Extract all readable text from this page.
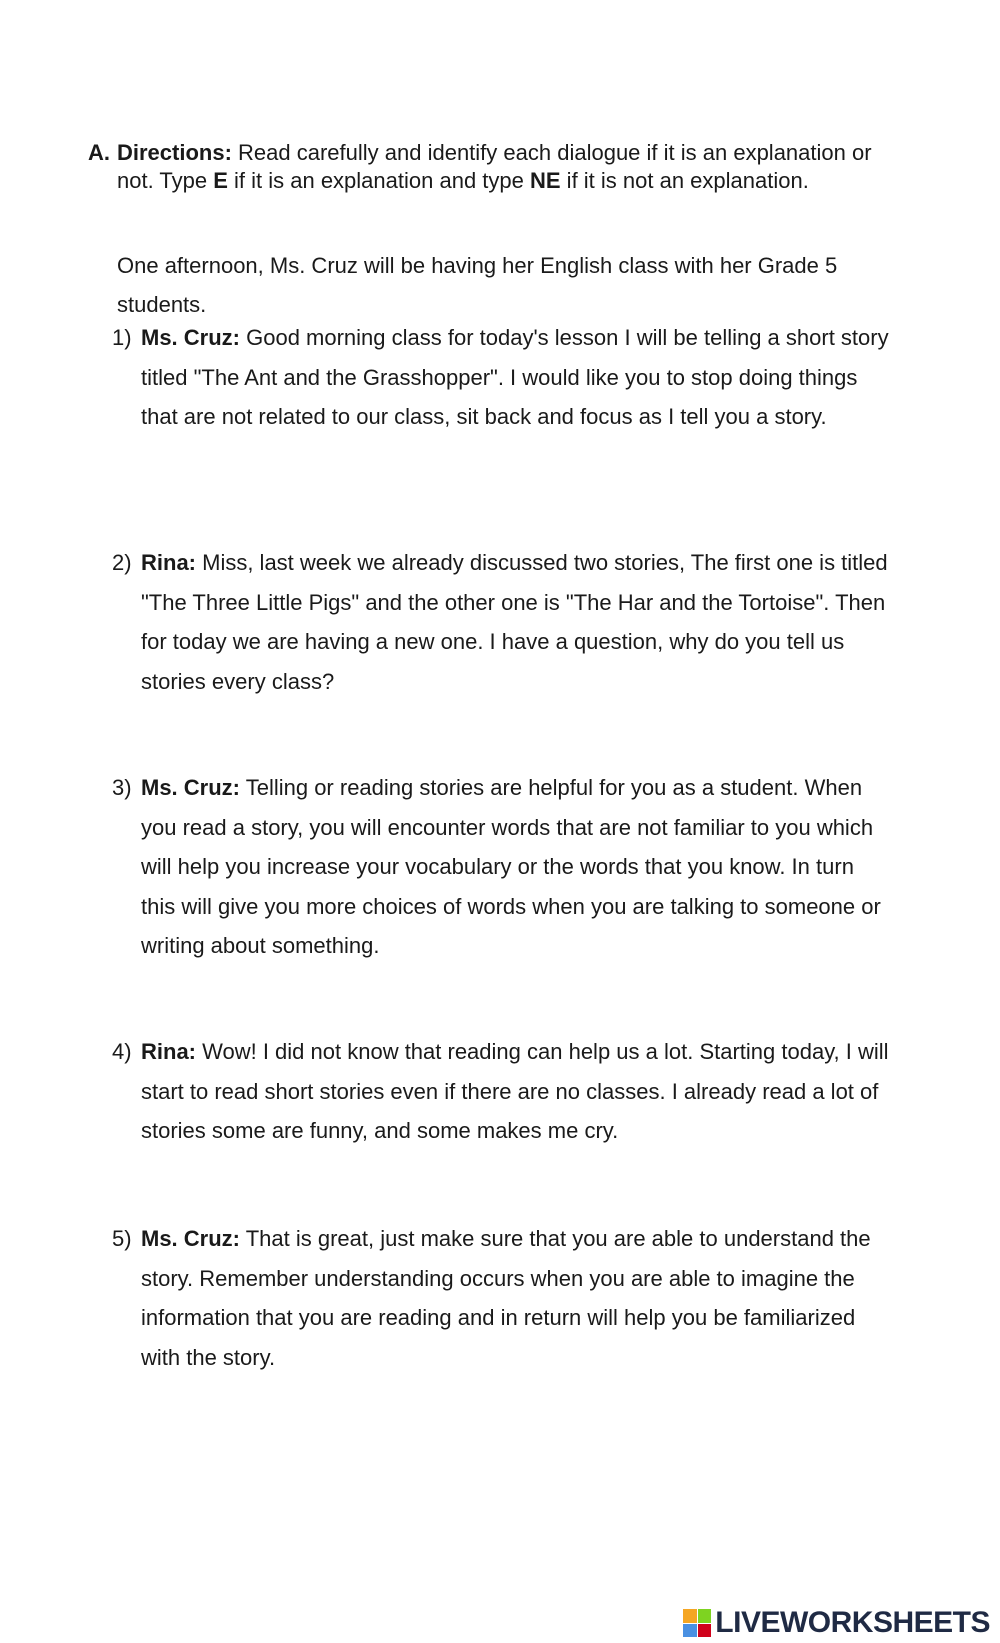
A. Directions: Read carefully and identify each dialogue if it is an explanation or not. Type E if it is an explanation and type NE if it is not an explanation.
One afternoon, Ms. Cruz will be having her English class with her Grade 5 students.
1) Ms. Cruz: Good morning class for today's lesson I will be telling a short story titled "The Ant and the Grasshopper". I would like you to stop doing things that are not related to our class, sit back and focus as I tell you a story.
2) Rina: Miss, last week we already discussed two stories, The first one is titled "The Three Little Pigs" and the other one is "The Har and the Tortoise". Then for today we are having a new one. I have a question, why do you tell us stories every class?
3) Ms. Cruz: Telling or reading stories are helpful for you as a student. When you read a story, you will encounter words that are not familiar to you which will help you increase your vocabulary or the words that you know. In turn this will give you more choices of words when you are talking to someone or writing about something.
4) Rina: Wow! I did not know that reading can help us a lot. Starting today, I will start to read short stories even if there are no classes. I already read a lot of stories some are funny, and some makes me cry.
5) Ms. Cruz: That is great, just make sure that you are able to understand the story. Remember understanding occurs when you are able to imagine the information that you are reading and in return will help you be familiarized with the story.
LIVEWORKSHEETS
